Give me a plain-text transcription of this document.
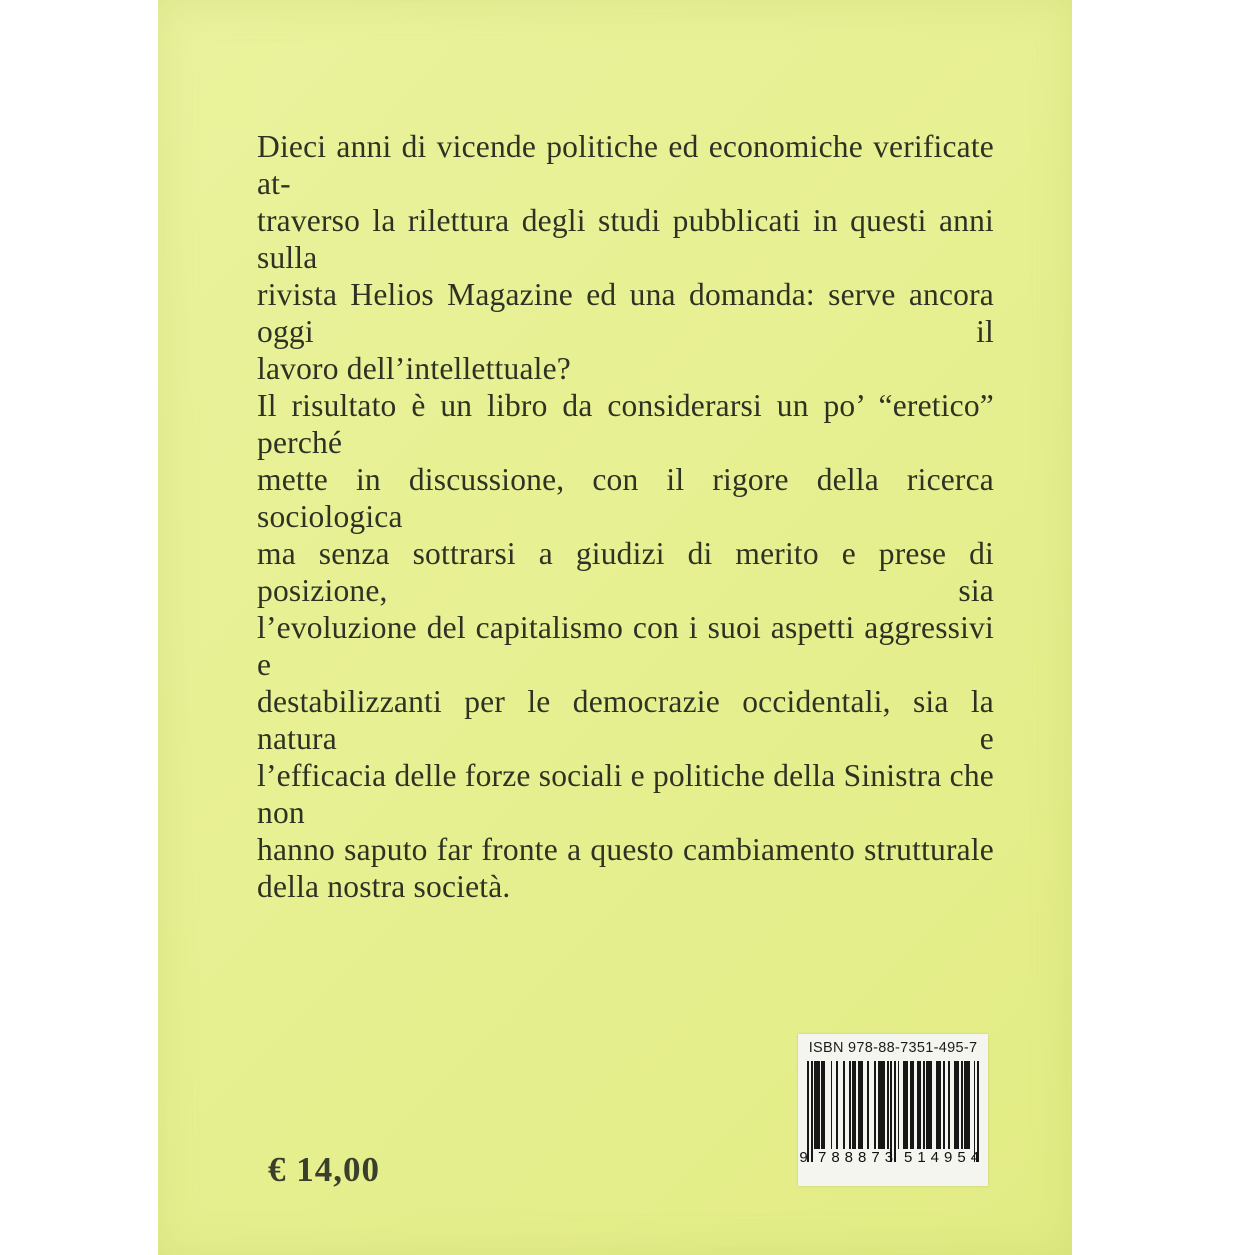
Dieci anni di vicende politiche ed economiche verificate at-
traverso la rilettura degli studi pubblicati in questi anni sulla
rivista Helios Magazine ed una domanda: serve ancora oggi il
lavoro dell’intellettuale?
Il risultato è un libro da considerarsi un po’ “eretico” perché
mette in discussione, con il rigore della ricerca sociologica
ma senza sottrarsi a giudizi di merito e prese di posizione, sia
l’evoluzione del capitalismo con i suoi aspetti aggressivi e
destabilizzanti per le democrazie occidentali, sia la natura e
l’efficacia delle forze sociali e politiche della Sinistra che non
hanno saputo far fronte a questo cambiamento strutturale
della nostra società.
€ 14,00
ISBN 978-88-7351-495-7
9 788873 514954
